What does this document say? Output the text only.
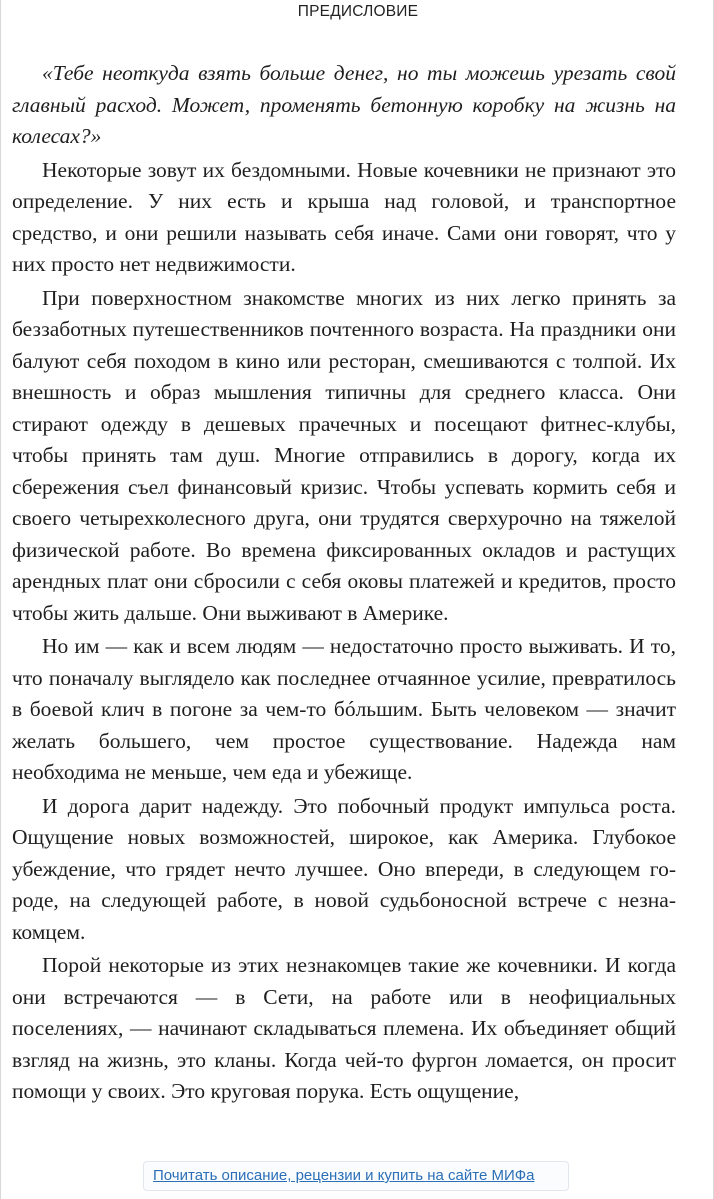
ПРЕДИСЛОВИЕ

«Тебе неоткуда взять больше денег, но ты можешь урезать свой главный расход. Может, променять бетонную коробку на жизнь на колесах?»

Некоторые зовут их бездомными. Новые кочевники не признают это определение. У них есть и крыша над головой, и транспортное средство, и они решили называть себя иначе. Сами они говорят, что у них просто нет недвижимости.

При поверхностном знакомстве многих из них легко принять за беззаботных путешественников почтенного возраста. На праздники они балуют себя походом в кино или ресторан, смешиваются с толпой. Их внешность и образ мышления типичны для среднего класса. Они стирают одежду в дешевых прачечных и посещают фитнес-клубы, чтобы принять там душ. Многие отправились в дорогу, когда их сбережения съел финансовый кризис. Чтобы успевать кормить себя и своего четырехколесного друга, они трудятся сверхурочно на тяжелой физической работе. Во времена фиксированных окладов и растущих арендных плат они сбросили с себя оковы платежей и кредитов, просто чтобы жить дальше. Они выживают в Америке.

Но им — как и всем людям — недостаточно просто выживать. И то, что поначалу выглядело как последнее отчаянное усилие, превратилось в боевой клич в погоне за чем-то бóльшим. Быть человеком — значит желать большего, чем простое существование. Надежда нам необходима не меньше, чем еда и убежище.

И дорога дарит надежду. Это побочный продукт импульса роста. Ощущение новых возможностей, широкое, как Америка. Глубокое убеждение, что грядет нечто лучшее. Оно впереди, в следующем городе, на следующей работе, в новой судьбоносной встрече с незнакомцем.

Порой некоторые из этих незнакомцев такие же кочевники. И когда они встречаются — в Сети, на работе или в неофициальных поселениях, — начинают складываться племена. Их объединяет общий взгляд на жизнь, это кланы. Когда чей-то фургон ломается, он просит помощи у своих. Это круговая порука. Есть ощущение,

Почитать описание, рецензии и купить на сайте МИФа
